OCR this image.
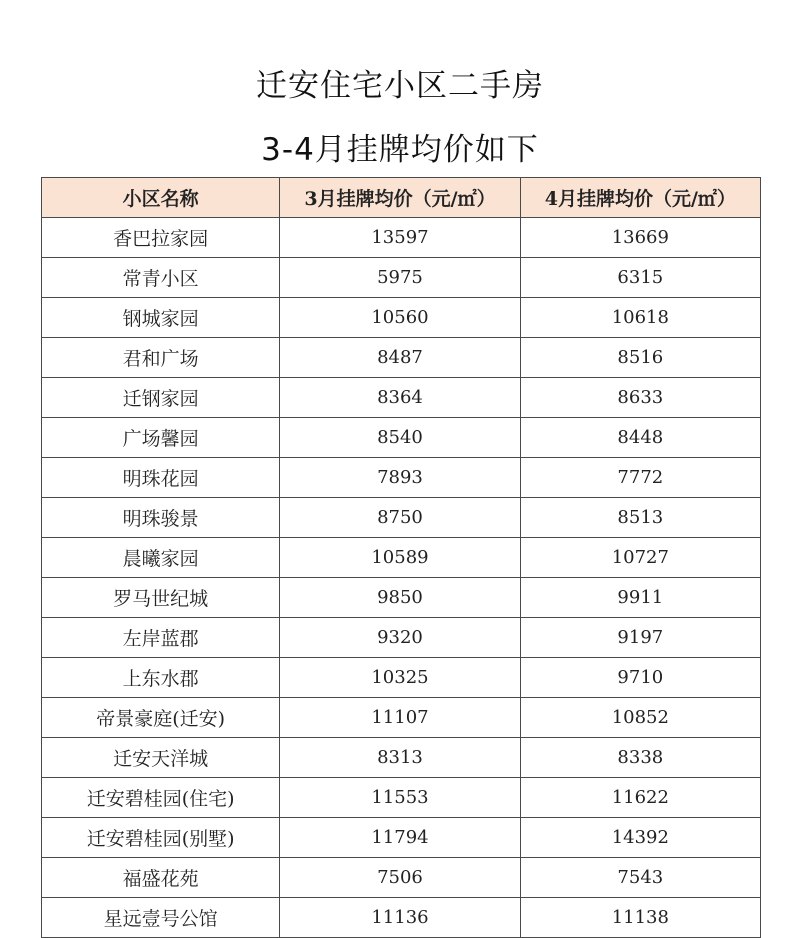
迁安住宅小区二手房
3-4月挂牌均价如下
小区名称	3月挂牌均价（元/㎡）	4月挂牌均价（元/㎡）
香巴拉家园	13597	13669
常青小区	5975	6315
钢城家园	10560	10618
君和广场	8487	8516
迁钢家园	8364	8633
广场馨园	8540	8448
明珠花园	7893	7772
明珠骏景	8750	8513
晨曦家园	10589	10727
罗马世纪城	9850	9911
左岸蓝郡	9320	9197
上东水郡	10325	9710
帝景豪庭(迁安)	11107	10852
迁安天洋城	8313	8338
迁安碧桂园(住宅)	11553	11622
迁安碧桂园(别墅)	11794	14392
福盛花苑	7506	7543
星远壹号公馆	11136	11138
